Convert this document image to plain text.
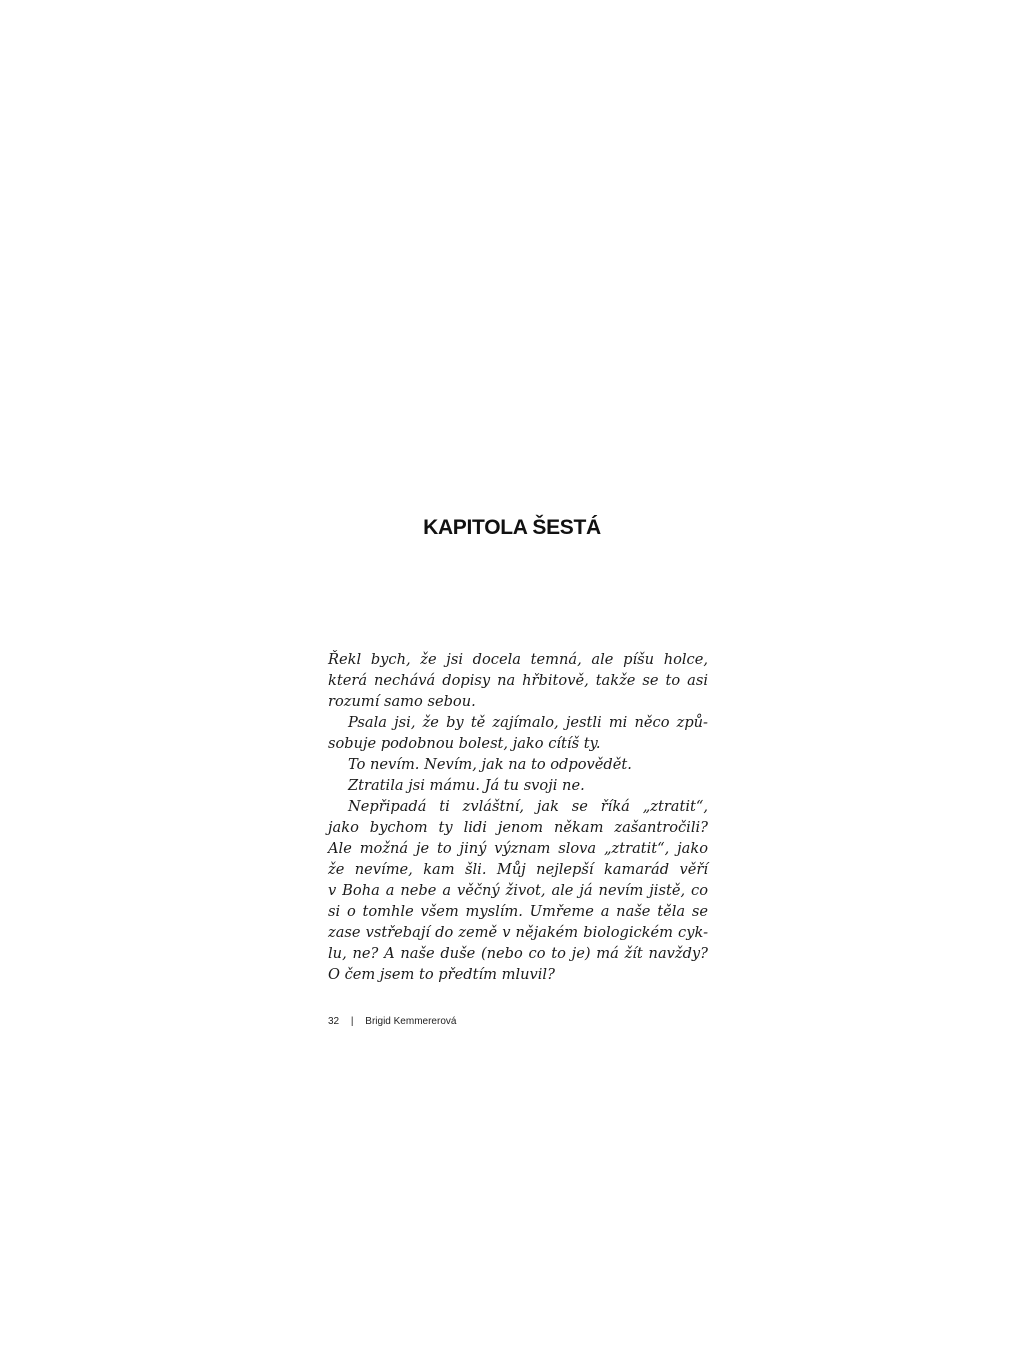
KAPITOLA ŠESTÁ
Řekl bych, že jsi docela temná, ale píšu holce,
která nechává dopisy na hřbitově, takže se to asi
rozumí samo sebou.
Psala jsi, že by tě zajímalo, jestli mi něco způ-
sobuje podobnou bolest, jako cítíš ty.
To nevím. Nevím, jak na to odpovědět.
Ztratila jsi mámu. Já tu svoji ne.
Nepřipadá ti zvláštní, jak se říká „ztratit“,
jako bychom ty lidi jenom někam zašantročili?
Ale možná je to jiný význam slova „ztratit“, jako
že nevíme, kam šli. Můj nejlepší kamarád věří
v Boha a nebe a věčný život, ale já nevím jistě, co
si o tomhle všem myslím. Umřeme a naše těla se
zase vstřebají do země v nějakém biologickém cyk-
lu, ne? A naše duše (nebo co to je) má žít navždy?
O čem jsem to předtím mluvil?
32 | Brigid Kemmererová
